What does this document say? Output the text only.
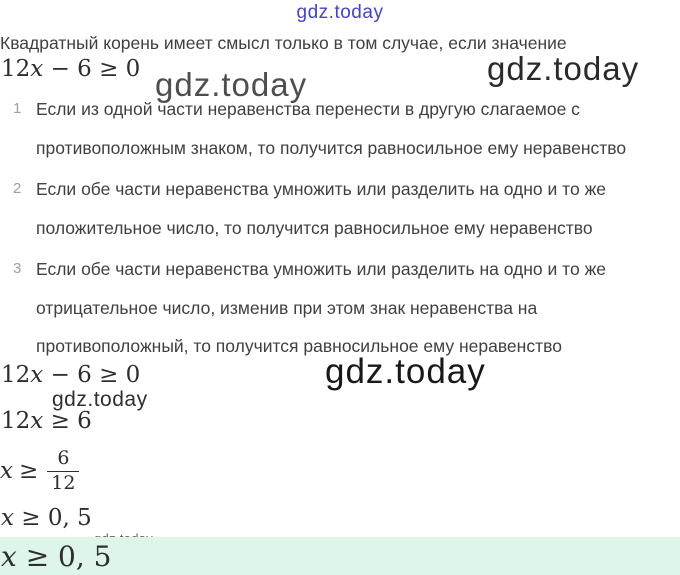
gdz.today
gdz.today	gdz.today
gdz.today
gdz.today
Квадратный корень имеет смысл только в том случае, если значение
12x − 6 ≥ 0
1 Если из одной части неравенства перенести в другую слагаемое с
противоположным знаком, то получится равносильное ему неравенство
2 Если обе части неравенства умножить или разделить на одно и то же
положительное число, то получится равносильное ему неравенство
3 Если обе части неравенства умножить или разделить на одно и то же
отрицательное число, изменив при этом знак неравенства на
противоположный, то получится равносильное ему неравенство
12x − 6 ≥ 0
12x ≥ 6
$x \ge \frac{6}{12}$
x ≥ 0, 5
x ≥ 0, 5
